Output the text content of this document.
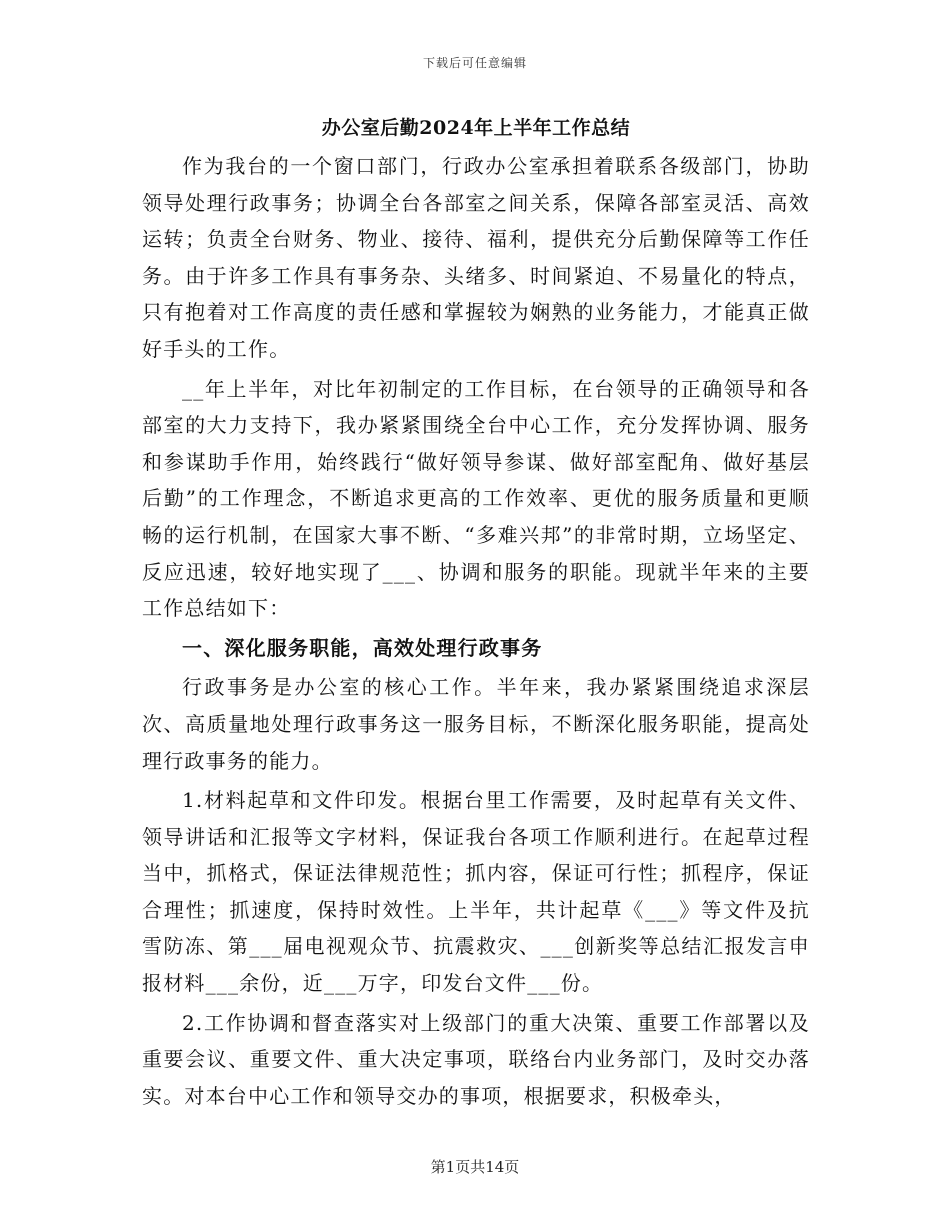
下载后可任意编辑
办公室后勤2024年上半年工作总结

作为我台的一个窗口部门，行政办公室承担着联系各级部门，协助领导处理行政事务；协调全台各部室之间关系，保障各部室灵活、高效运转；负责全台财务、物业、接待、福利，提供充分后勤保障等工作任务。由于许多工作具有事务杂、头绪多、时间紧迫、不易量化的特点，只有抱着对工作高度的责任感和掌握较为娴熟的业务能力，才能真正做好手头的工作。

__年上半年，对比年初制定的工作目标，在台领导的正确领导和各部室的大力支持下，我办紧紧围绕全台中心工作，充分发挥协调、服务和参谋助手作用，始终践行“做好领导参谋、做好部室配角、做好基层后勤”的工作理念，不断追求更高的工作效率、更优的服务质量和更顺畅的运行机制，在国家大事不断、“多难兴邦”的非常时期，立场坚定、反应迅速，较好地实现了___、协调和服务的职能。现就半年来的主要工作总结如下：

一、深化服务职能，高效处理行政事务

行政事务是办公室的核心工作。半年来，我办紧紧围绕追求深层次、高质量地处理行政事务这一服务目标，不断深化服务职能，提高处理行政事务的能力。

1.材料起草和文件印发。根据台里工作需要，及时起草有关文件、领导讲话和汇报等文字材料，保证我台各项工作顺利进行。在起草过程当中，抓格式，保证法律规范性；抓内容，保证可行性；抓程序，保证合理性；抓速度，保持时效性。上半年，共计起草《___》等文件及抗雪防冻、第___届电视观众节、抗震救灾、___创新奖等总结汇报发言申报材料___余份，近___万字，印发台文件___份。

2.工作协调和督查落实对上级部门的重大决策、重要工作部署以及重要会议、重要文件、重大决定事项，联络台内业务部门，及时交办落实。对本台中心工作和领导交办的事项，根据要求，积极牵头，

第1页共14页
